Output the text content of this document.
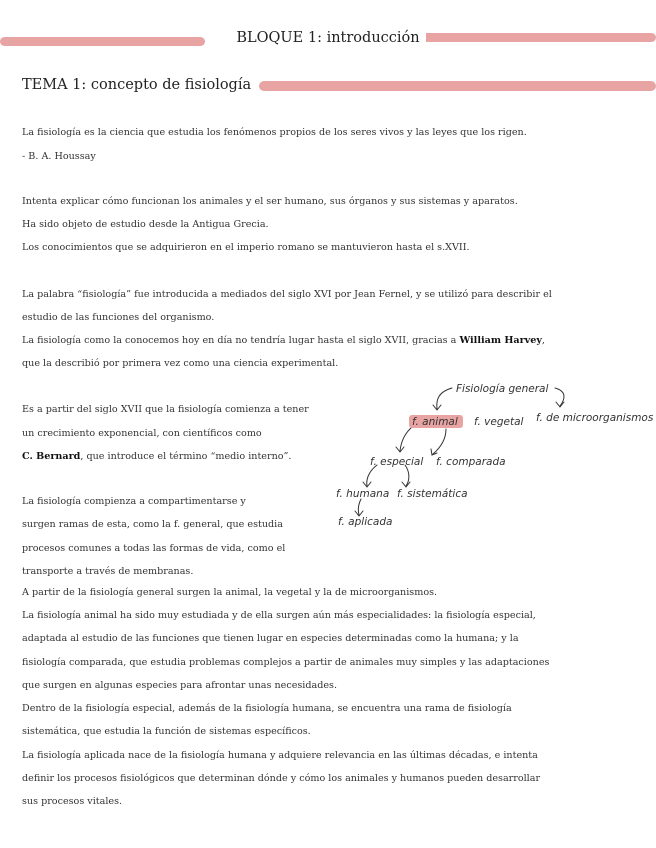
BLOQUE 1: introducción
TEMA 1: concepto de fisiología
La fisiología es la ciencia que estudia los fenómenos propios de los seres vivos y las leyes que los rigen.
- B. A. Houssay
Intenta explicar cómo funcionan los animales y el ser humano, sus órganos y sus sistemas y aparatos.
Ha sido objeto de estudio desde la Antigua Grecia.
Los conocimientos que se adquirieron en el imperio romano se mantuvieron hasta el s.XVII.
La palabra “fisiología” fue introducida a mediados del siglo XVI por Jean Fernel, y se utilizó para describir el
estudio de las funciones del organismo.
La fisiología como la conocemos hoy en día no tendría lugar hasta el siglo XVII, gracias a William Harvey,
que la describió por primera vez como una ciencia experimental.
Es a partir del siglo XVII que la fisiología comienza a tener
un crecimiento exponencial, con científicos como
C. Bernard, que introduce el término “medio interno”.
La fisiología compienza a compartimentarse y
surgen ramas de esta, como la f. general, que estudia
procesos comunes a todas las formas de vida, como el
transporte a través de membranas.
A partir de la fisiología general surgen la animal, la vegetal y la de microorganismos.
La fisiología animal ha sido muy estudiada y de ella surgen aún más especialidades: la fisiología especial,
adaptada al estudio de las funciones que tienen lugar en especies determinadas como la humana; y la
fisiología comparada, que estudia problemas complejos a partir de animales muy simples y las adaptaciones
que surgen en algunas especies para afrontar unas necesidades.
Dentro de la fisiología especial, además de la fisiología humana, se encuentra una rama de fisiología
sistemática, que estudia la función de sistemas específicos.
La fisiología aplicada nace de la fisiología humana y adquiere relevancia en las últimas décadas, e intenta
definir los procesos fisiológicos que determinan dónde y cómo los animales y humanos pueden desarrollar
sus procesos vitales.
Fisiología general
f. animal f. vegetal f. de microorganismos
f. especial f. comparada
f. humana f. sistemática
f. aplicada
